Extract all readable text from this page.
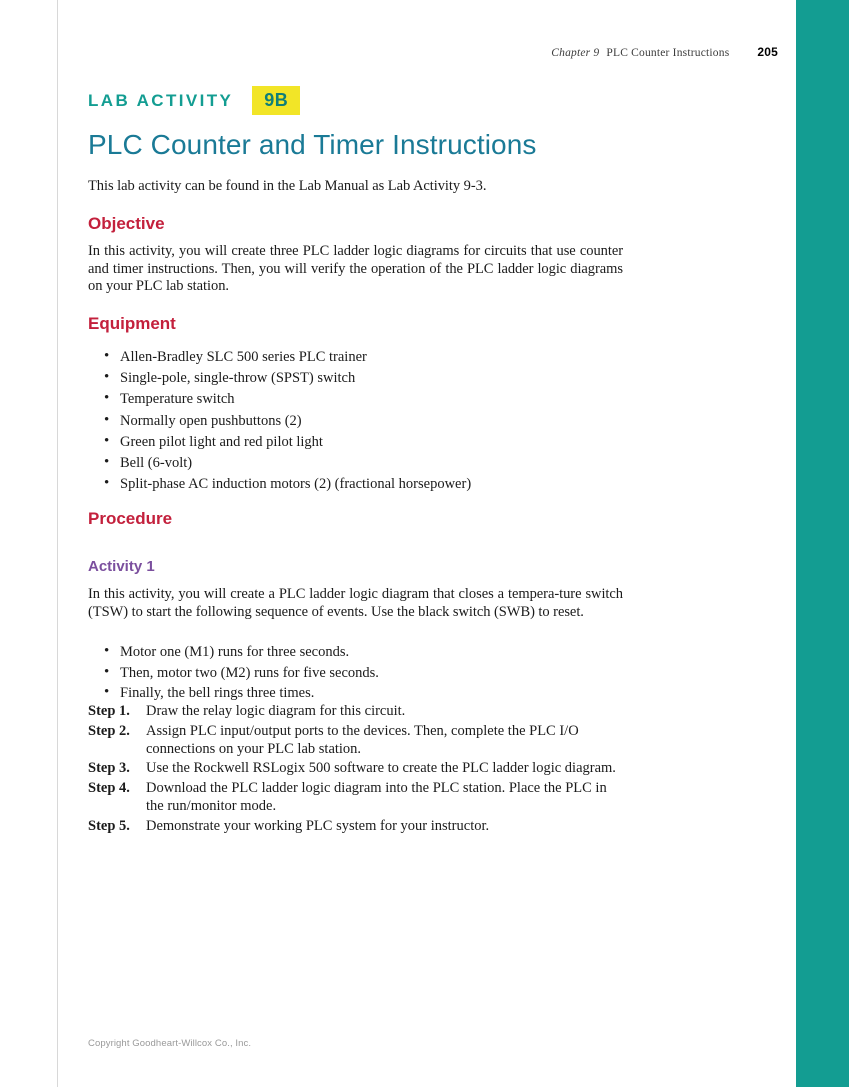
Chapter 9 PLC Counter Instructions 205
LAB ACTIVITY	9B
PLC Counter and Timer Instructions
This lab activity can be found in the Lab Manual as Lab Activity 9-3.
Objective

In this activity, you will create three PLC ladder logic diagrams for circuits that use counter and timer instructions. Then, you will verify the operation of the PLC ladder logic diagrams on your PLC lab station.

Equipment
• Allen-Bradley SLC 500 series PLC trainer
• Single-pole, single-throw (SPST) switch
• Temperature switch
• Normally open pushbuttons (2)
• Green pilot light and red pilot light
• Bell (6-volt)
• Split-phase AC induction motors (2) (fractional horsepower)
Procedure
Activity 1

In this activity, you will create a PLC ladder logic diagram that closes a tempera-ture switch (TSW) to start the following sequence of events. Use the black switch (SWB) to reset.

• Motor one (M1) runs for three seconds.
• Then, motor two (M2) runs for five seconds.
• Finally, the bell rings three times.
Step 1.	Draw the relay logic diagram for this circuit.
Step 2.	Assign PLC input/output ports to the devices. Then, complete the PLC I/O connections on your PLC lab station.
Step 3.	Use the Rockwell RSLogix 500 software to create the PLC ladder logic diagram.
Step 4.	Download the PLC ladder logic diagram into the PLC station. Place the PLC in the run/monitor mode.
Step 5.	Demonstrate your working PLC system for your instructor.
Copyright Goodheart-Willcox Co., Inc.
